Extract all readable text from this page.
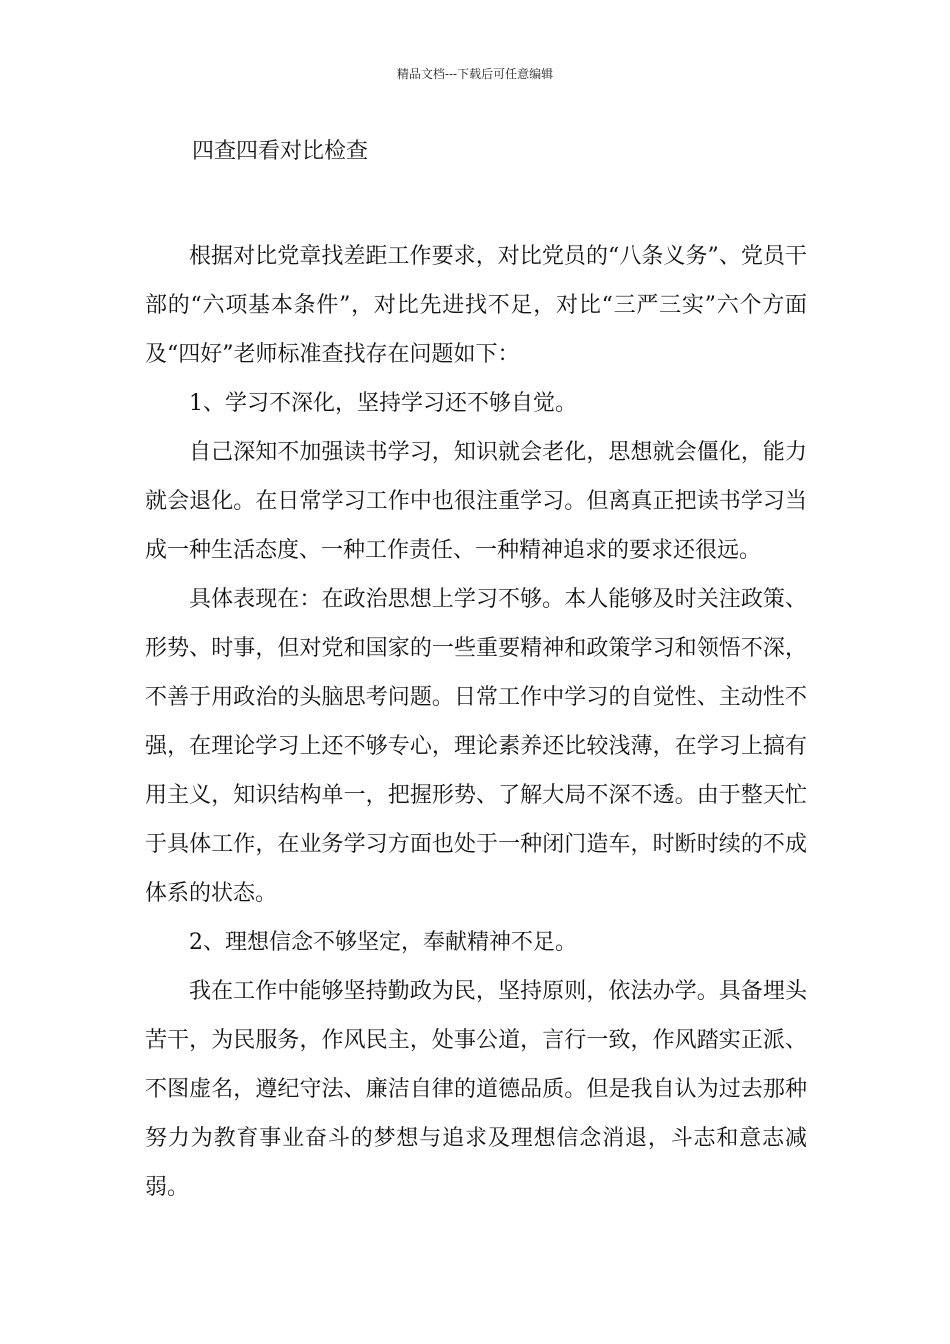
精品文档---下载后可任意编辑
四查四看对比检查

根据对比党章找差距工作要求，对比党员的“八条义务”、党员干部的“六项基本条件”，对比先进找不足，对比“三严三实”六个方面及“四好”老师标准查找存在问题如下：

1、学习不深化，坚持学习还不够自觉。

自己深知不加强读书学习，知识就会老化，思想就会僵化，能力就会退化。在日常学习工作中也很注重学习。但离真正把读书学习当成一种生活态度、一种工作责任、一种精神追求的要求还很远。

具体表现在：在政治思想上学习不够。本人能够及时关注政策、形势、时事，但对党和国家的一些重要精神和政策学习和领悟不深，不善于用政治的头脑思考问题。日常工作中学习的自觉性、主动性不强，在理论学习上还不够专心，理论素养还比较浅薄，在学习上搞有用主义，知识结构单一，把握形势、了解大局不深不透。由于整天忙于具体工作，在业务学习方面也处于一种闭门造车，时断时续的不成体系的状态。

2、理想信念不够坚定，奉献精神不足。

我在工作中能够坚持勤政为民，坚持原则，依法办学。具备埋头苦干，为民服务，作风民主，处事公道，言行一致，作风踏实正派、不图虚名，遵纪守法、廉洁自律的道德品质。但是我自认为过去那种努力为教育事业奋斗的梦想与追求及理想信念消退，斗志和意志减弱。
